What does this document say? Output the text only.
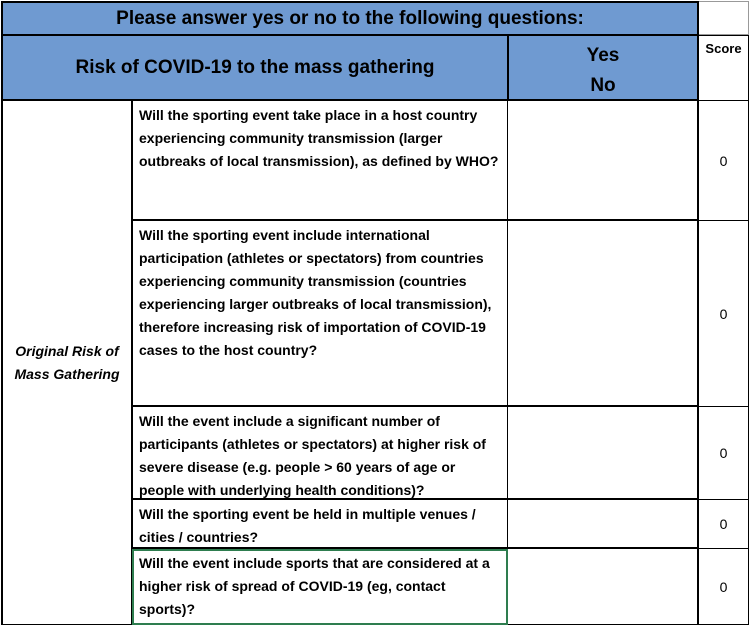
Please answer yes or no to the following questions:
Risk of COVID-19 to the mass gathering
Yes
No
Score
Original Risk of Mass Gathering
Will the sporting event take place in a host country experiencing community transmission (larger outbreaks of local transmission), as defined by WHO?	0
Will the sporting event include international participation (athletes or spectators) from countries experiencing community transmission (countries experiencing larger outbreaks of local transmission), therefore increasing risk of importation of COVID-19 cases to the host country?
0
Will the event include a significant number of participants (athletes or spectators) at higher risk of severe disease (e.g. people > 60 years of age or people with underlying health conditions)?
0
Will the sporting event be held in multiple venues / cities / countries?
0
Will the event include sports that are considered at a higher risk of spread of COVID-19 (eg, contact sports)?
0
